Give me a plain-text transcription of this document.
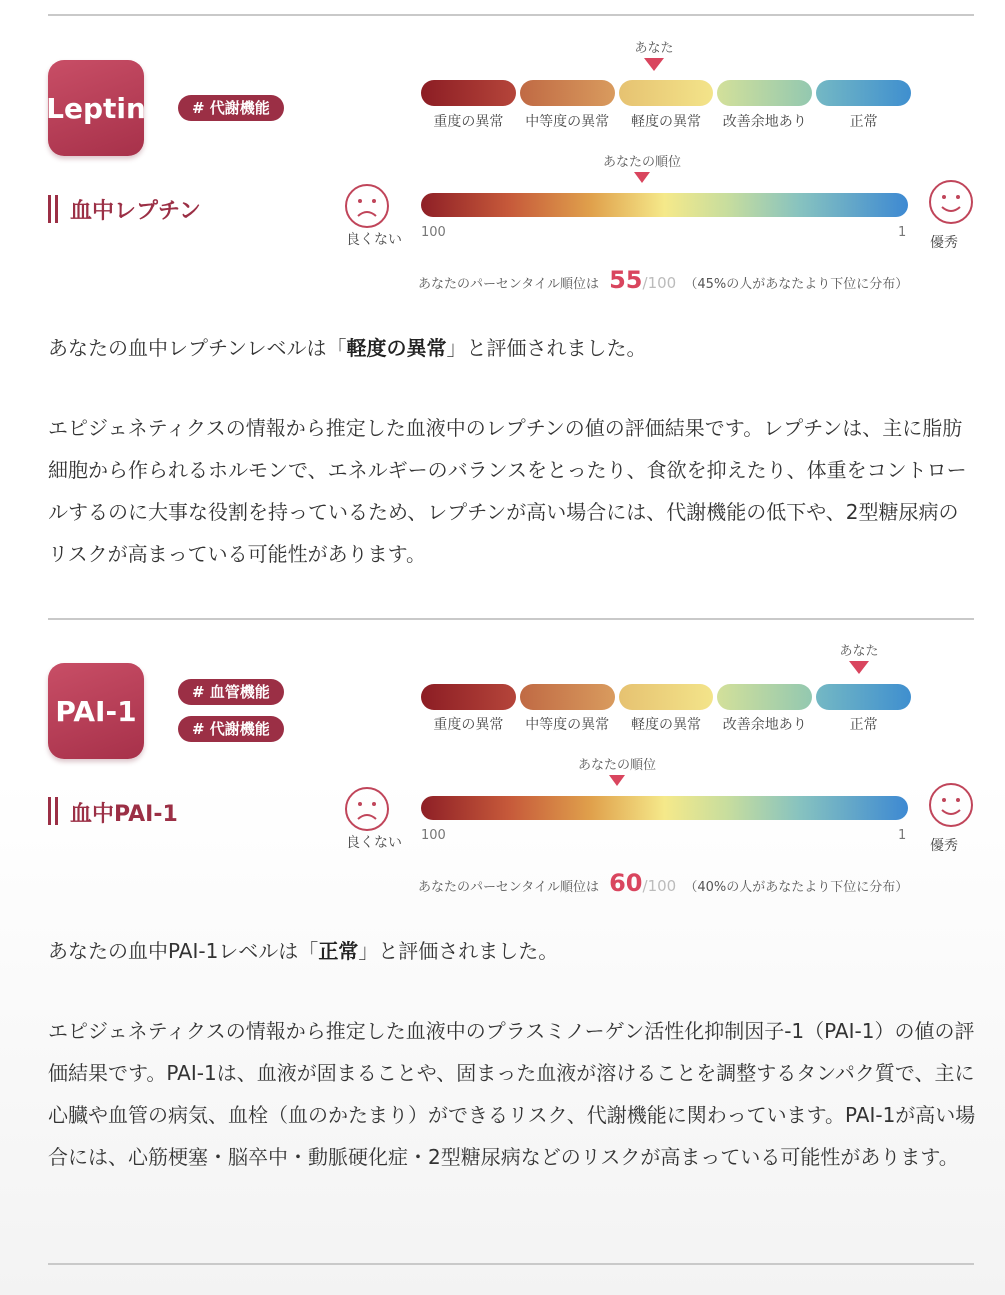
Leptin	# 代謝機能
血中レプチン
あなた
重度の異常	中等度の異常	軽度の異常	改善余地あり	正常
あなたの順位
良くない 100	1
優秀
あなたのパーセンタイル順位は 55/100 （45%の人があなたより下位に分布）
あなたの血中レプチンレベルは「軽度の異常」と評価されました。

エピジェネティクスの情報から推定した血液中のレプチンの値の評価結果です。レプチンは、主に脂肪細胞から作られるホルモンで、エネルギーのバランスをとったり、食欲を抑えたり、体重をコントロールするのに大事な役割を持っているため、レプチンが高い場合には、代謝機能の低下や、2型糖尿病のリスクが高まっている可能性があります。

PAI-1
# 血管機能
# 代謝機能
血中PAI-1
あなた
重度の異常	中等度の異常	軽度の異常	改善余地あり	正常
あなたの順位
良くない 100	1
優秀
あなたのパーセンタイル順位は 60/100 （40%の人があなたより下位に分布）
あなたの血中PAI-1レベルは「正常」と評価されました。

エピジェネティクスの情報から推定した血液中のプラスミノーゲン活性化抑制因子-1（PAI-1）の値の評価結果です。PAI-1は、血液が固まることや、固まった血液が溶けることを調整するタンパク質で、主に心臓や血管の病気、血栓（血のかたまり）ができるリスク、代謝機能に関わっています。PAI-1が高い場合には、心筋梗塞・脳卒中・動脈硬化症・2型糖尿病などのリスクが高まっている可能性があります。
